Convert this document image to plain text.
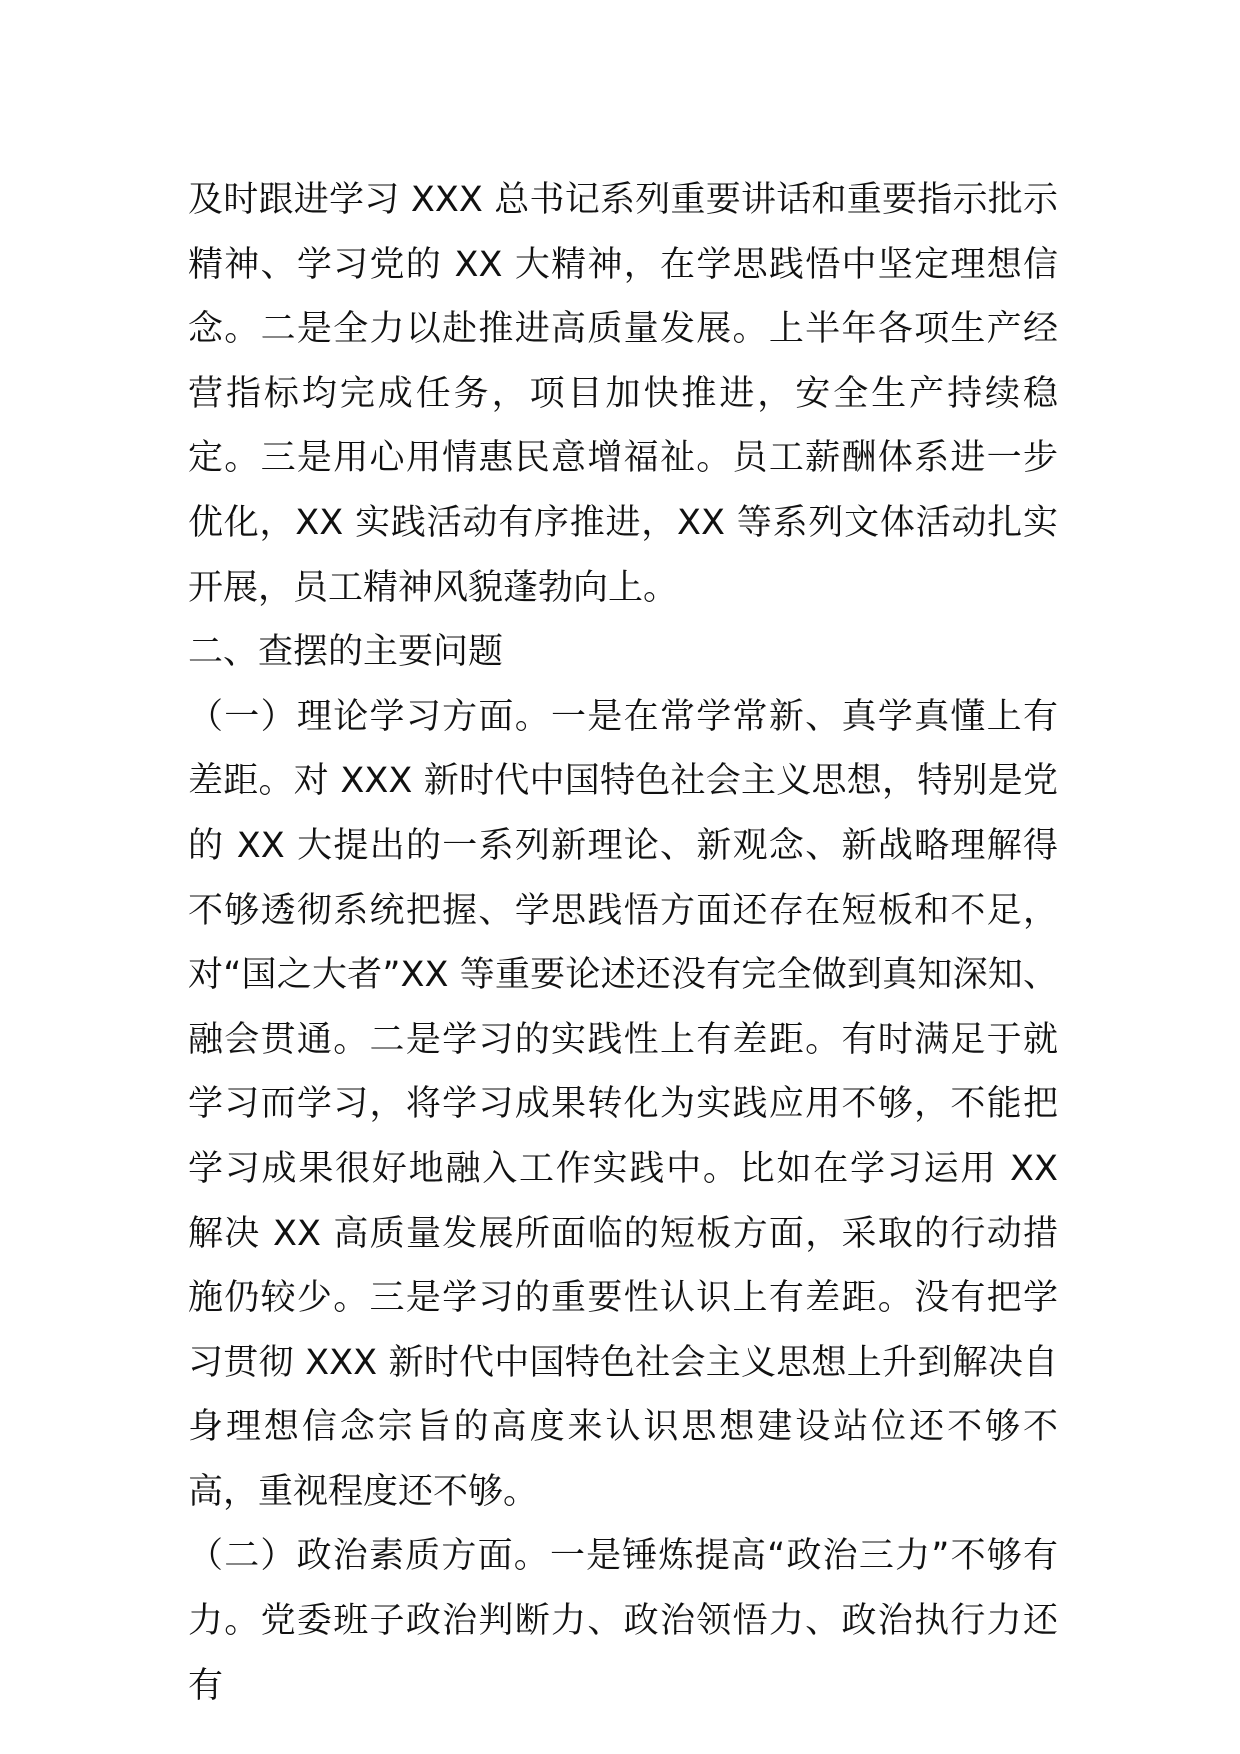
及时跟进学习 XXX 总书记系列重要讲话和重要指示批示精神、学习党的 XX 大精神，在学思践悟中坚定理想信念。二是全力以赴推进高质量发展。上半年各项生产经营指标均完成任务，项目加快推进，安全生产持续稳定。三是用心用情惠民意增福祉。员工薪酬体系进一步优化，XX 实践活动有序推进，XX 等系列文体活动扎实开展，员工精神风貌蓬勃向上。

二、查摆的主要问题

（一）理论学习方面。一是在常学常新、真学真懂上有差距。对 XXX 新时代中国特色社会主义思想，特别是党的 XX 大提出的一系列新理论、新观念、新战略理解得不够透彻系统把握、学思践悟方面还存在短板和不足，对“国之大者”XX 等重要论述还没有完全做到真知深知、融会贯通。二是学习的实践性上有差距。有时满足于就学习而学习，将学习成果转化为实践应用不够，不能把学习成果很好地融入工作实践中。比如在学习运用 XX 解决 XX 高质量发展所面临的短板方面，采取的行动措施仍较少。三是学习的重要性认识上有差距。没有把学习贯彻 XXX 新时代中国特色社会主义思想上升到解决自身理想信念宗旨的高度来认识思想建设站位还不够不高，重视程度还不够。

（二）政治素质方面。一是锤炼提高“政治三力”不够有力。党委班子政治判断力、政治领悟力、政治执行力还有
